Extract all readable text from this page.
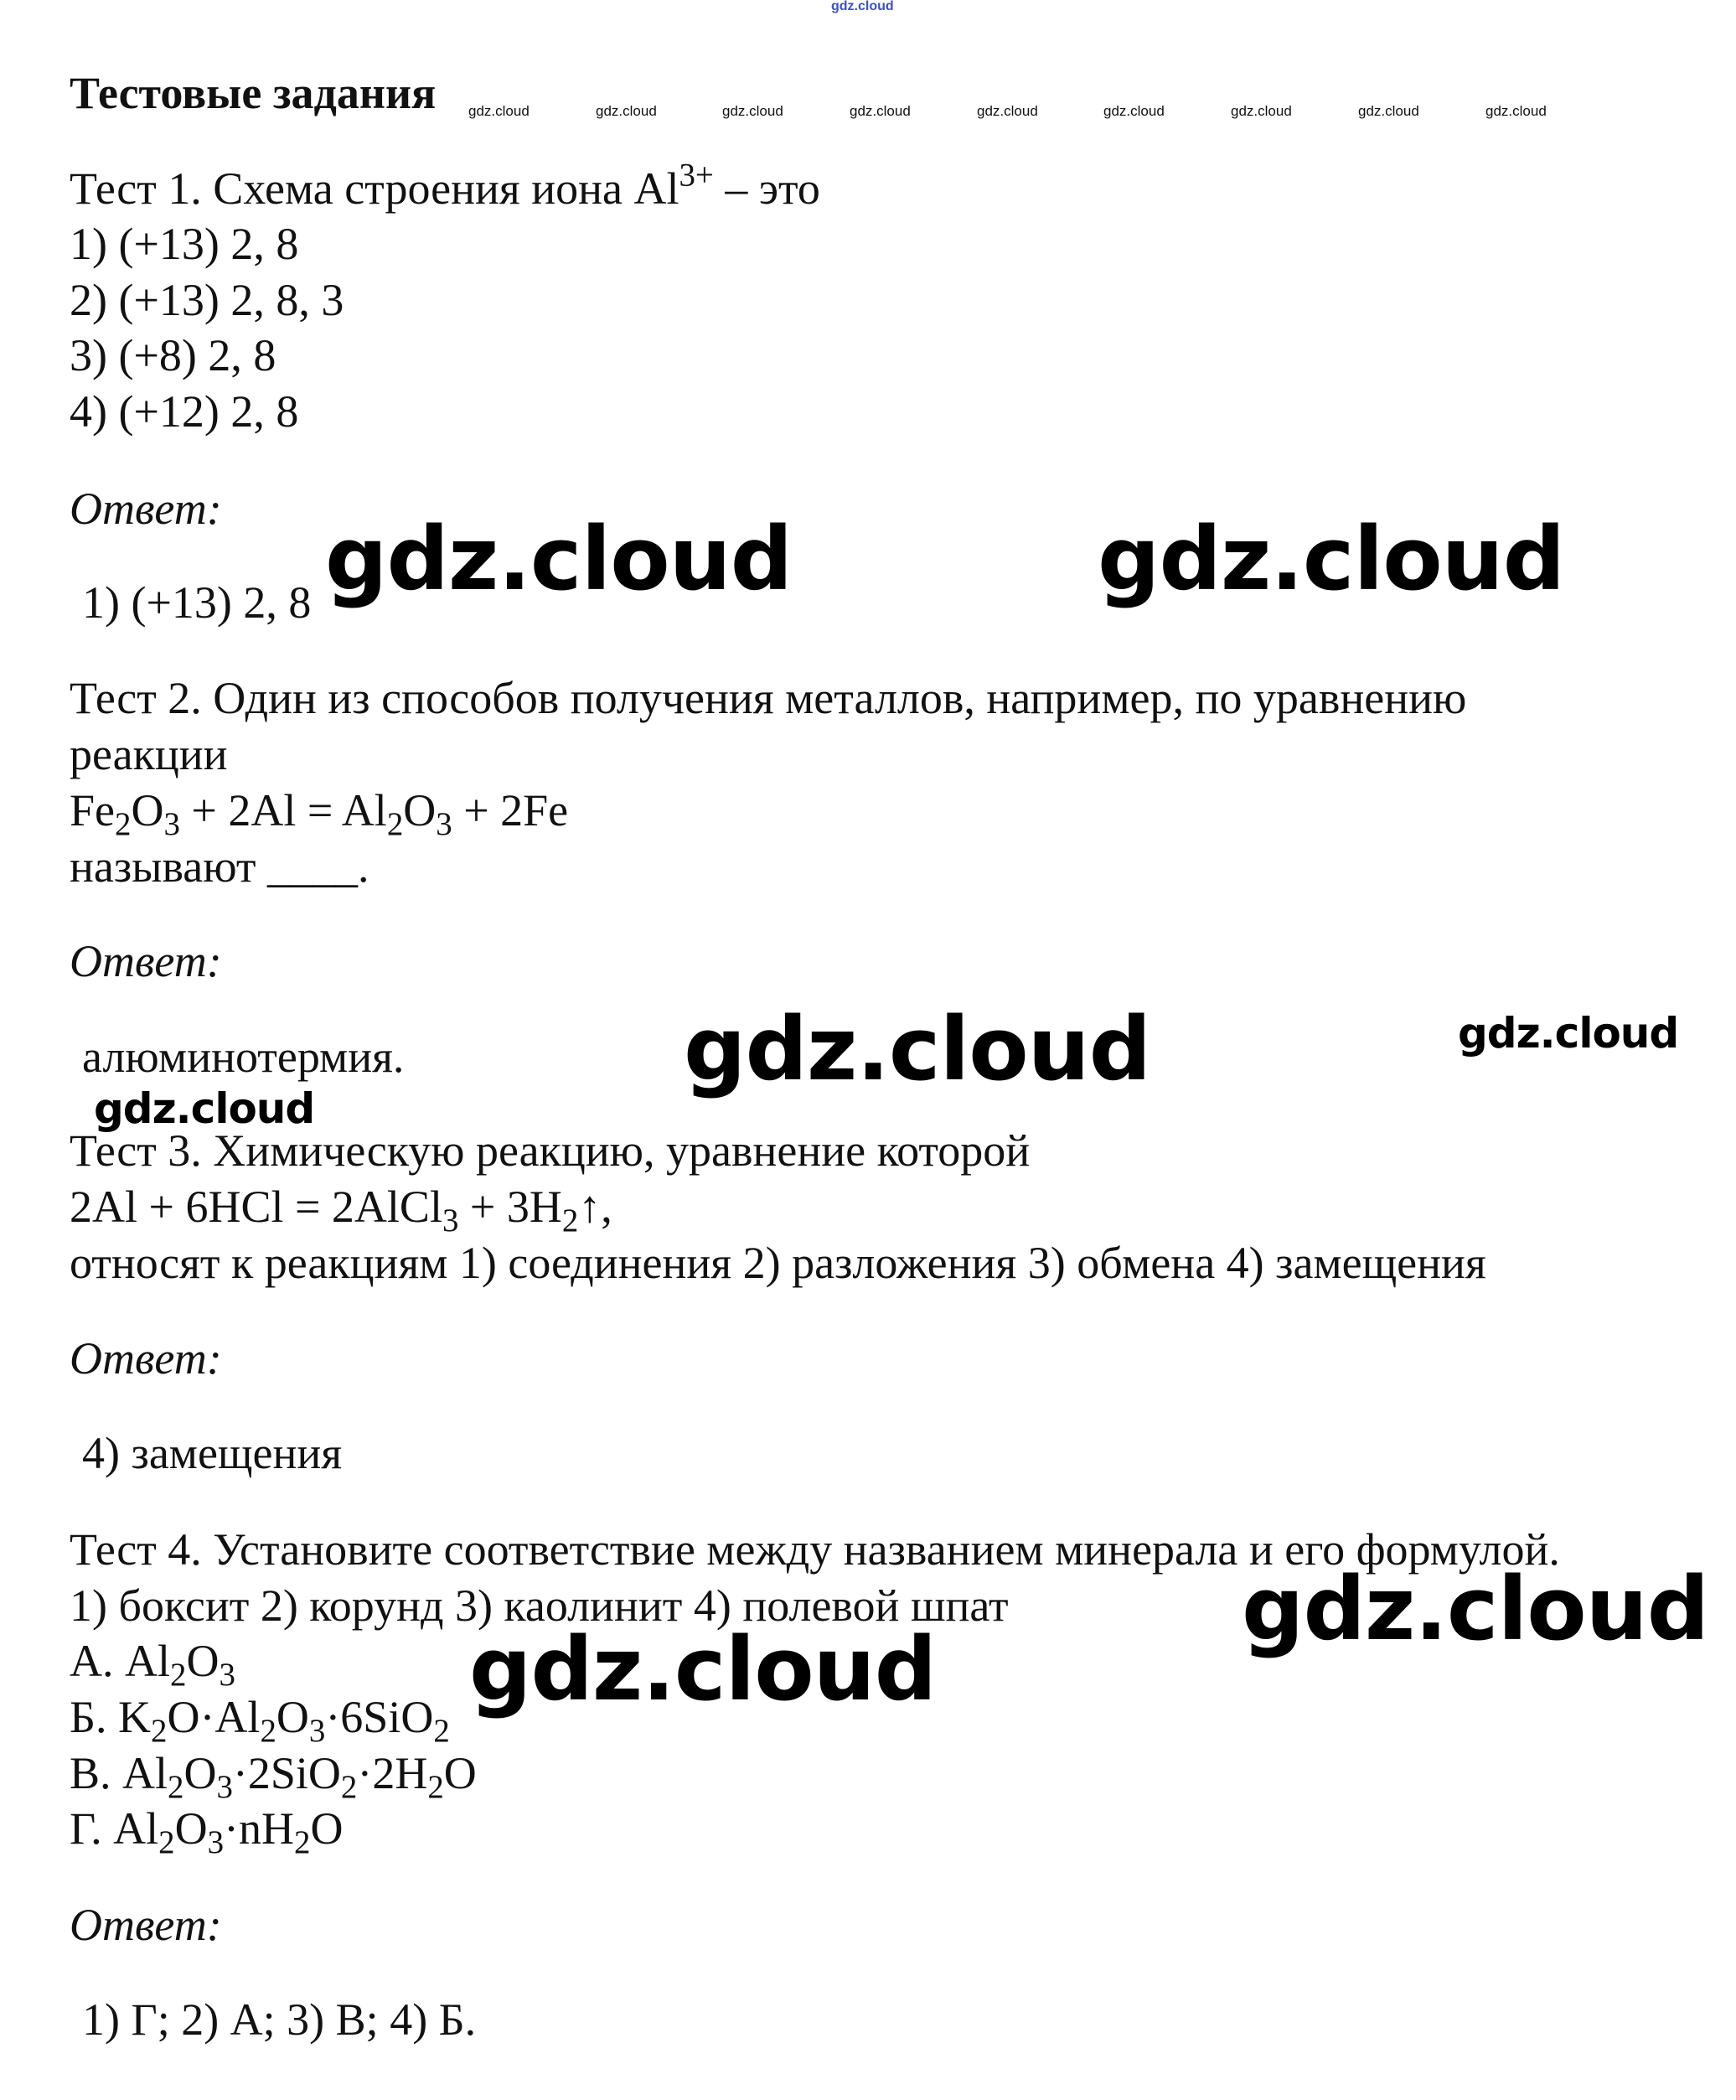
gdz.cloud
Тестовые задания gdz.cloud	gdz.cloud	gdz.cloud	gdz.cloud	gdz.cloud	gdz.cloud	gdz.cloud	gdz.cloud	gdz.cloud
Тест 1. Схема строения иона $Al^{3+}$ – это
1) (+13) 2, 8
2) (+13) 2, 8, 3
3) (+8) 2, 8
4) (+12) 2, 8
Ответ:
1) (+13) 2, 8 gdz.cloud	gdz.cloud
Тест 2. Один из способов получения металлов, например, по уравнению
реакции
$Fe_2O_3 + 2Al = Al_2O_3 + 2Fe$
называют ____.
Ответ:
алюминотермия.	gdz.cloud	gdz.cloud
gdz.cloud
Тест 3. Химическую реакцию, уравнение которой
2Al + 6HCl = 2AlCl$_3$ + $3H_2↑$,
относят к реакциям 1) соединения 2) разложения 3) обмена 4) замещения
Ответ:
4) замещения
Тест 4. Установите соответствие между названием минерала и его формулой.
1) боксит 2) корунд 3) каолинит 4) полевой шпат
А. $Al_2O_3$
Б. $K_2O\cdot Al_2O_3\cdot 6SiO_2$
В. $Al_2O_3\cdot 2SiO_2\cdot 2H_2O$
Г. $Al_2O_3\cdot nH_2O$
Ответ:
1) Г; 2) А; 3) В; 4) Б.
gdz.cloud
gdz.cloud
